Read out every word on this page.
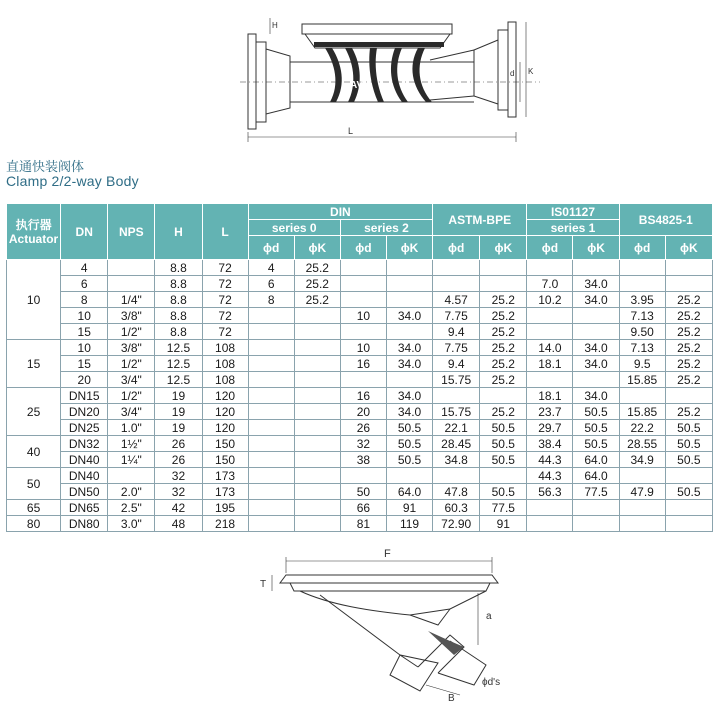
AVM
L
K
d
H
直通快装阀体
Clamp 2/2-way Body
执行器
Actuator	DN	NPS	H	L	DIN				ASTM-BPE		IS01127		BS4825-1	
					series 0		series 2				series 1			
					ϕd	ϕK	ϕd	ϕK	ϕd	ϕK	ϕd	ϕK	ϕd	ϕK
10	4		8.8	72	4	25.2								
	6		8.8	72	6	25.2					7.0	34.0		
	8	1/4"	8.8	72	8	25.2			4.57	25.2	10.2	34.0	3.95	25.2
	10	3/8"	8.8	72			10	34.0	7.75	25.2			7.13	25.2
	15	1/2"	8.8	72					9.4	25.2			9.50	25.2
15	10	3/8"	12.5	108			10	34.0	7.75	25.2	14.0	34.0	7.13	25.2
	15	1/2"	12.5	108			16	34.0	9.4	25.2	18.1	34.0	9.5	25.2
	20	3/4"	12.5	108					15.75	25.2			15.85	25.2
25	DN15	1/2"	19	120			16	34.0			18.1	34.0		
	DN20	3/4"	19	120			20	34.0	15.75	25.2	23.7	50.5	15.85	25.2
	DN25	1.0"	19	120			26	50.5	22.1	50.5	29.7	50.5	22.2	50.5
40	DN32	1½"	26	150			32	50.5	28.45	50.5	38.4	50.5	28.55	50.5
	DN40	1¼"	26	150			38	50.5	34.8	50.5	44.3	64.0	34.9	50.5
50	DN40		32	173							44.3	64.0		
	DN50	2.0"	32	173			50	64.0	47.8	50.5	56.3	77.5	47.9	50.5
65	DN65	2.5"	42	195			66	91	60.3	77.5				
80	DN80	3.0"	48	218			81	119	72.90	91				
F
T
a
B
ϕd's
